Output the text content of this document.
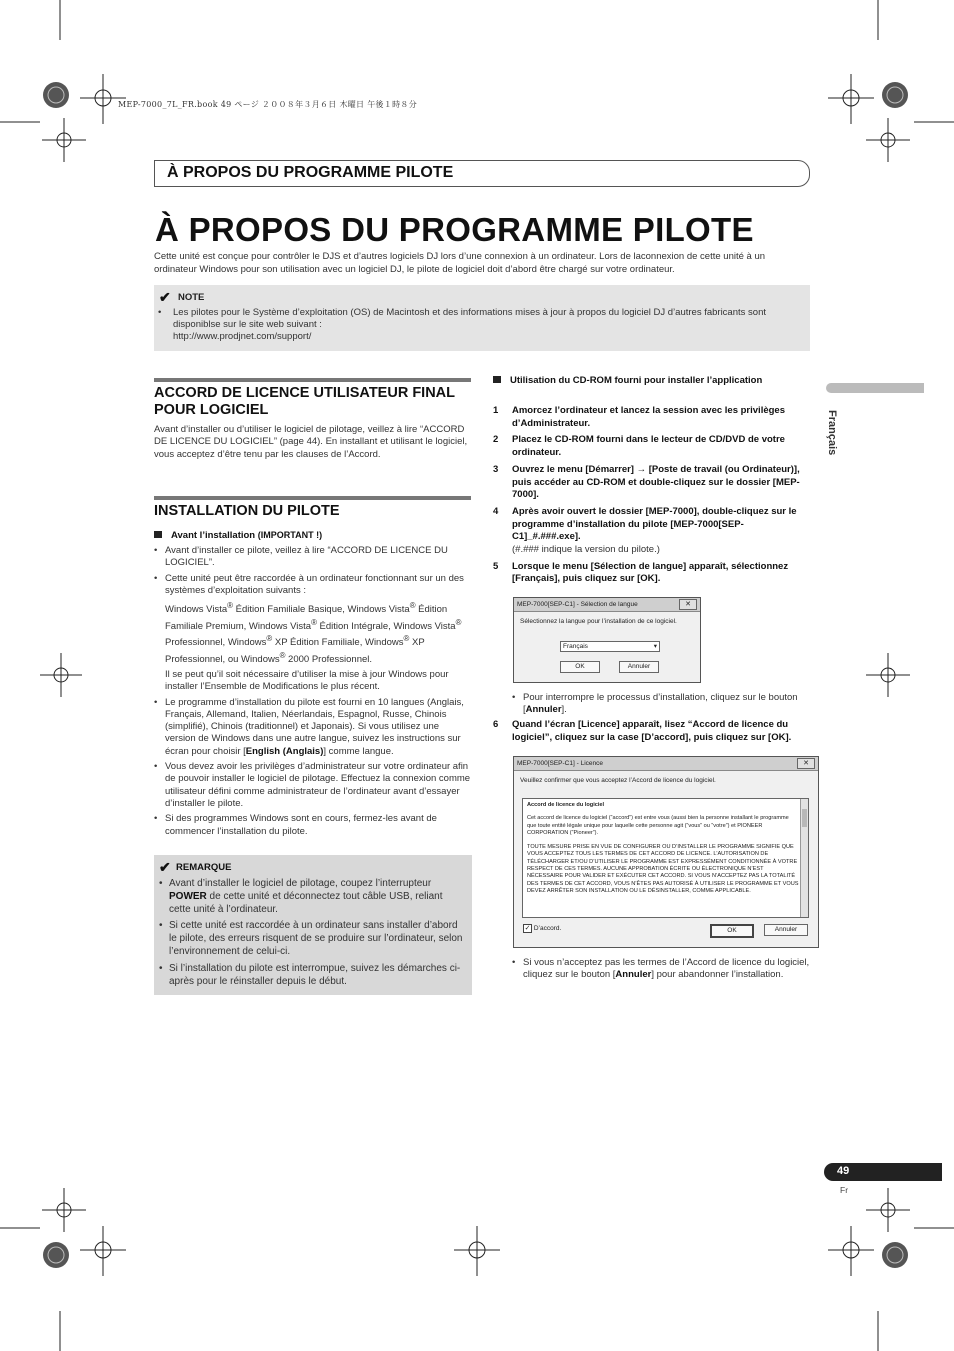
MEP-7000_7L_FR.book 49 ページ ２００８年３月６日 木曜日 午後１時８分
À PROPOS DU PROGRAMME PILOTE
À PROPOS DU PROGRAMME PILOTE
Cette unité est conçue pour contrôler le DJS et d’autres logiciels DJ lors d’une connexion à un ordinateur. Lors de laconnexion de cette unité à un ordinateur Windows pour son utilisation avec un logiciel DJ, le pilote de logiciel doit d’abord être chargé sur votre ordinateur.
✔ NOTE
• Les pilotes pour le Système d’exploitation (OS) de Macintosh et des informations mises à jour à propos du logiciel DJ d’autres fabricants sont disponiblse sur le site web suivant :
http://www.prodjnet.com/support/
ACCORD DE LICENCE UTILISATEUR FINAL POUR LOGICIEL
Avant d’installer ou d’utiliser le logiciel de pilotage, veillez à lire “ACCORD DE LICENCE DU LOGICIEL” (page 44). En installant et utilisant le logiciel, vous acceptez d’être tenu par les clauses de l’Accord.
INSTALLATION DU PILOTE
Avant l’installation (IMPORTANT !)
• Avant d’installer ce pilote, veillez à lire “ACCORD DE LICENCE DU LOGICIEL”.
• Cette unité peut être raccordée à un ordinateur fonctionnant sur un des systèmes d’exploitation suivants :
Windows Vista® Édition Familiale Basique, Windows Vista® Édition Familiale Premium, Windows Vista® Édition Intégrale, Windows Vista® Professionnel, Windows® XP Édition Familiale, Windows® XP Professionnel, ou Windows® 2000 Professionnel.
Il se peut qu’il soit nécessaire d’utiliser la mise à jour Windows pour installer l’Ensemble de Modifications le plus récent.
• Le programme d’installation du pilote est fourni en 10 langues (Anglais, Français, Allemand, Italien, Néerlandais, Espagnol, Russe, Chinois (simplifié), Chinois (traditionnel) et Japonais). Si vous utilisez une version de Windows dans une autre langue, suivez les instructions sur écran pour choisir [English (Anglais)] comme langue.
• Vous devez avoir les privilèges d’administrateur sur votre ordinateur afin de pouvoir installer le logiciel de pilotage. Effectuez la connexion comme utilisateur défini comme administrateur de l’ordinateur avant d’essayer d’installer le pilote.
• Si des programmes Windows sont en cours, fermez-les avant de commencer l’installation du pilote.
✔ REMARQUE
• Avant d’installer le logiciel de pilotage, coupez l’interrupteur POWER de cette unité et déconnectez tout câble USB, reliant cette unité à l’ordinateur.
• Si cette unité est raccordée à un ordinateur sans installer d’abord le pilote, des erreurs risquent de se produire sur l’ordinateur, selon l’environnement de celui-ci.
• Si l’installation du pilote est interrompue, suivez les démarches ci-après pour le réinstaller depuis le début.
Utilisation du CD-ROM fourni pour installer l’application
1 Amorcez l’ordinateur et lancez la session avec les privilèges d’Administrateur.
2 Placez le CD-ROM fourni dans le lecteur de CD/DVD de votre ordinateur.
3 Ouvrez le menu [Démarrer] → [Poste de travail (ou Ordinateur)], puis accéder au CD-ROM et double-cliquez sur le dossier [MEP-7000].
4 Après avoir ouvert le dossier [MEP-7000], double-cliquez sur le programme d’installation du pilote [MEP-7000[SEP-C1]_#.###.exe].
(#.### indique la version du pilote.)
5 Lorsque le menu [Sélection de langue] apparaît, sélectionnez [Français], puis cliquez sur [OK].
MEP-7000[SEP-C1] - Sélection de langue	✕
Sélectionnez la langue pour l’installation de ce logiciel.
Français	▾
OK	Annuler
• Pour interrompre le processus d’installation, cliquez sur le bouton [Annuler].
6 Quand l’écran [Licence] apparaît, lisez “Accord de licence du logiciel”, cliquez sur la case [D’accord], puis cliquez sur [OK].
MEP-7000[SEP-C1] - Licence	✕
Veuillez confirmer que vous acceptez l’Accord de licence du logiciel.
Accord de licence du logiciel
Cet accord de licence du logiciel (“accord”) est entre vous (aussi bien la personne installant le programme que toute entité légale unique pour laquelle cette personne agit (“vous” ou “votre”) et PIONEER CORPORATION (“Pioneer”).
TOUTE MESURE PRISE EN VUE DE CONFIGURER OU D’INSTALLER LE PROGRAMME SIGNIFIE QUE VOUS ACCEPTEZ TOUS LES TERMES DE CET ACCORD DE LICENCE. L’AUTORISATION DE TÉLÉCHARGER ET/OU D’UTILISER LE PROGRAMME EST EXPRESSÉMENT CONDITIONNÉE À VOTRE RESPECT DE CES TERMES. AUCUNE APPROBATION ÉCRITE OU ÉLECTRONIQUE N’EST NÉCESSAIRE POUR VALIDER ET EXÉCUTER CET ACCORD. SI VOUS N’ACCEPTEZ PAS LA TOTALITÉ DES TERMES DE CET ACCORD, VOUS N’ÊTES PAS AUTORISÉ À UTILISER LE PROGRAMME ET VOUS DEVEZ ARRÊTER SON INSTALLATION OU LE DÉSINSTALLER, COMME APPLICABLE.
✓ D’accord.	OK	Annuler
• Si vous n’acceptez pas les termes de l’Accord de licence du logiciel, cliquez sur le bouton [Annuler] pour abandonner l’installation.
Français
49
Fr
